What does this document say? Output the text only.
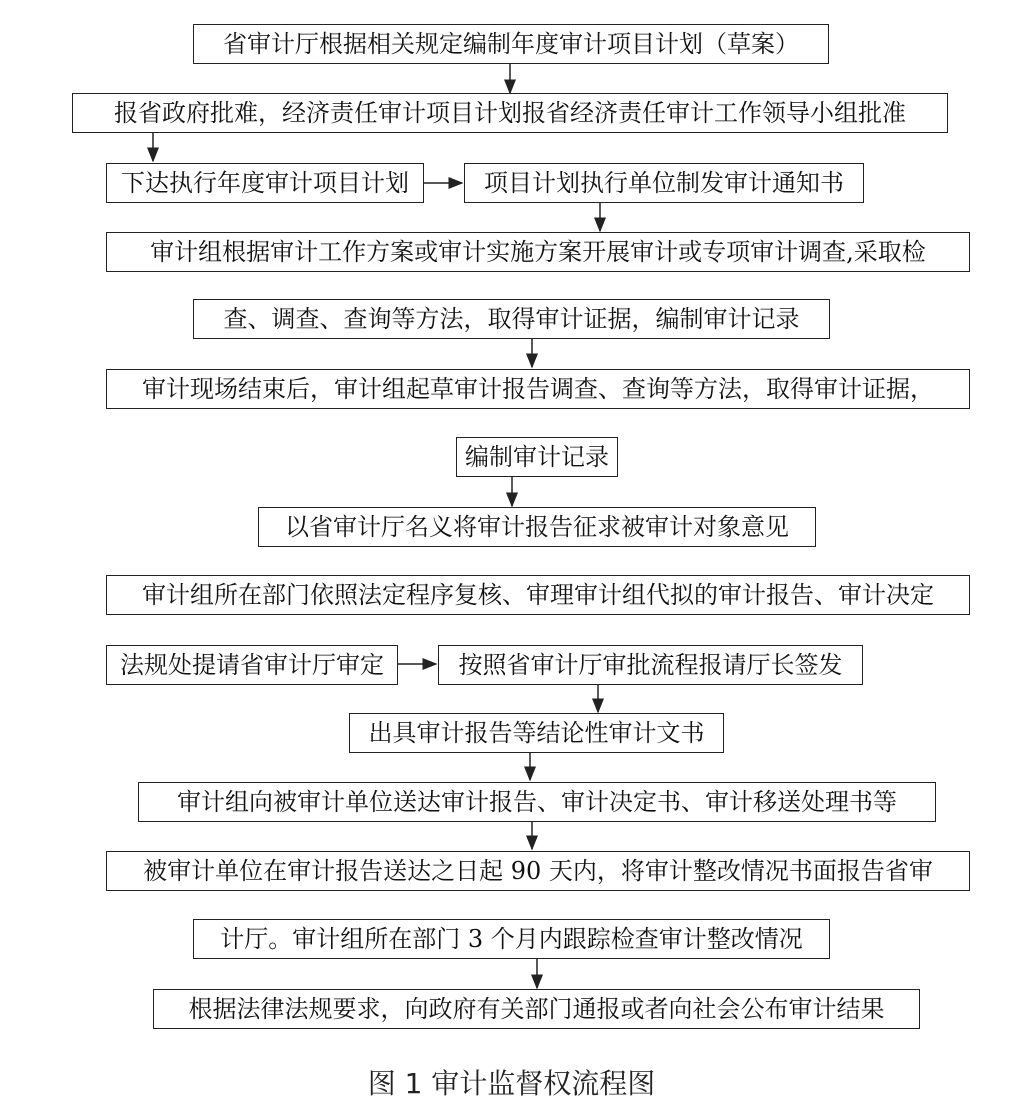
省审计厅根据相关规定编制年度审计项目计划（草案）
报省政府批难，经济责任审计项目计划报省经济责任审计工作领导小组批准
下达执行年度审计项目计划	项目计划执行单位制发审计通知书
审计组根据审计工作方案或审计实施方案开展审计或专项审计调查,采取检
查、调查、查询等方法，取得审计证据，编制审计记录
审计现场结束后，审计组起草审计报告调查、查询等方法，取得审计证据，
编制审计记录
以省审计厅名义将审计报告征求被审计对象意见
审计组所在部门依照法定程序复核、审理审计组代拟的审计报告、审计决定
法规处提请省审计厅审定	按照省审计厅审批流程报请厅长签发
出具审计报告等结论性审计文书
审计组向被审计单位送达审计报告、审计决定书、审计移送处理书等
被审计单位在审计报告送达之日起 90 天内，将审计整改情况书面报告省审
计厅。审计组所在部门 3 个月内跟踪检查审计整改情况
根据法律法规要求，向政府有关部门通报或者向社会公布审计结果
图 1 审计监督权流程图
